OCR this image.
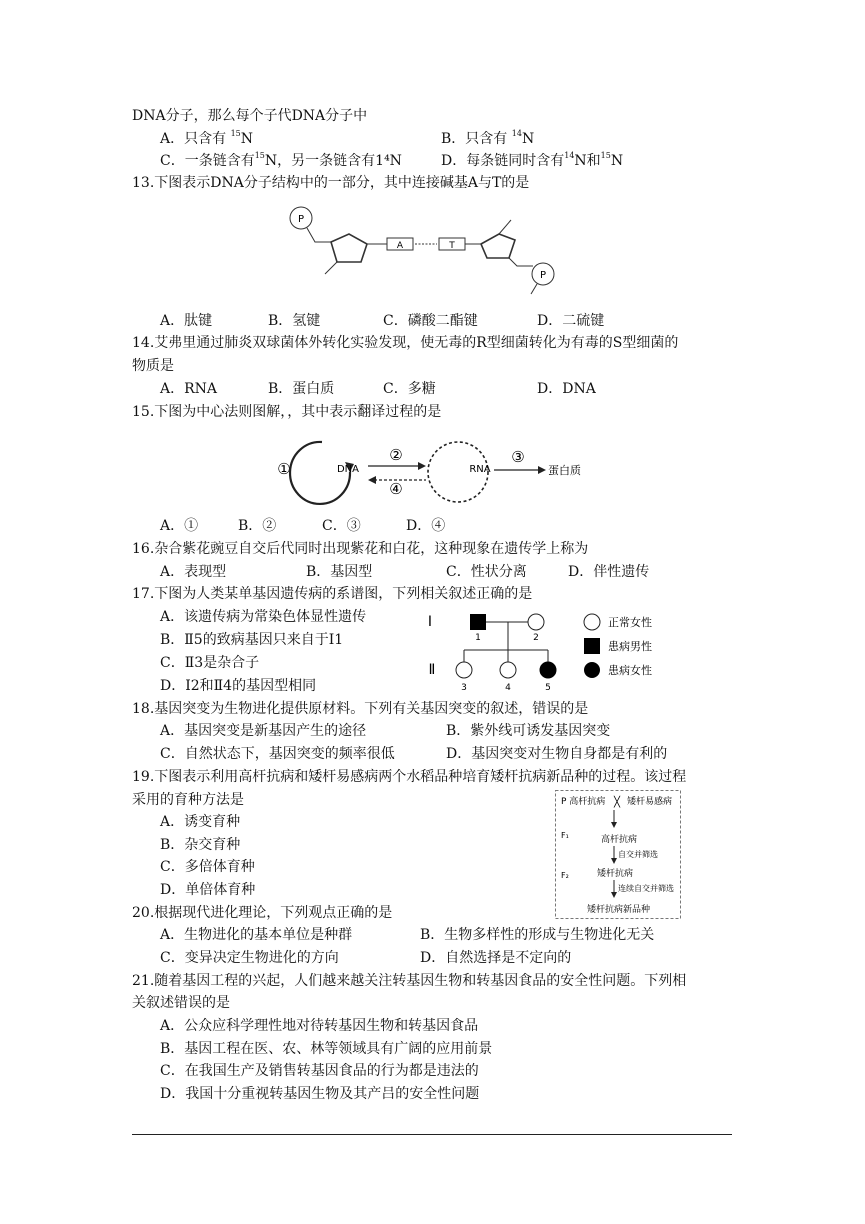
DNA分子，那么每个子代DNA分子中
A．只含有 $^{15}$N	B．只含有 $^{14}$N
C．一条链含有$^{15}$N，另一条链含有1⁴N	D．每条链同时含有$^{14}$N和$^{15}$N
13.下图表示DNA分子结构中的一部分，其中连接碱基A与T的是
P
A	T
P
A．肽键	B．氢键	C．磷酸二酯键	D．二硫键
14.艾弗里通过肺炎双球菌体外转化实验发现，使无毒的R型细菌转化为有毒的S型细菌的
物质是
A．RNA	B．蛋白质	C．多糖	D．DNA
15.下图为中心法则图解，，其中表示翻译过程的是
①	DNA
②
④
RNA
③
蛋白质
A．①	B．②	C．③	D．④
16.杂合紫花豌豆自交后代同时出现紫花和白花，这种现象在遗传学上称为
A．表现型	B．基因型	C．性状分离	D．伴性遗传
17.下图为人类某单基因遗传病的系谱图，下列相关叙述正确的是
A．该遗传病为常染色体显性遗传
B．Ⅱ5的致病基因只来自于Ⅰ1
C．Ⅱ3是杂合子
D．Ⅰ2和Ⅱ4的基因型相同
Ⅰ
Ⅱ
1	2
3	4	5
正常女性
患病男性
患病女性
18.基因突变为生物进化提供原材料。下列有关基因突变的叙述，错误的是
A．基因突变是新基因产生的途径	B．紫外线可诱发基因突变
C．自然状态下，基因突变的频率很低	D．基因突变对生物自身都是有利的
19.下图表示利用高杆抗病和矮杆易感病两个水稻品种培育矮杆抗病新品种的过程。该过程
采用的育种方法是
A．诱变育种
B．杂交育种
C．多倍体育种
D．单倍体育种
P 高杆抗病 ╳ 矮杆易感病
F₁	高杆抗病
自交并筛选
F₂	矮杆抗病
连续自交并筛选
矮杆抗病新品种
20.根据现代进化理论，下列观点正确的是
A．生物进化的基本单位是种群	B．生物多样性的形成与生物进化无关
C．变异决定生物进化的方向	D．自然选择是不定向的
21.随着基因工程的兴起，人们越来越关注转基因生物和转基因食品的安全性问题。下列相
关叙述错误的是
A．公众应科学理性地对待转基因生物和转基因食品
B．基因工程在医、农、林等领域具有广阔的应用前景
C．在我国生产及销售转基因食品的行为都是违法的
D．我国十分重视转基因生物及其产吕的安全性问题
